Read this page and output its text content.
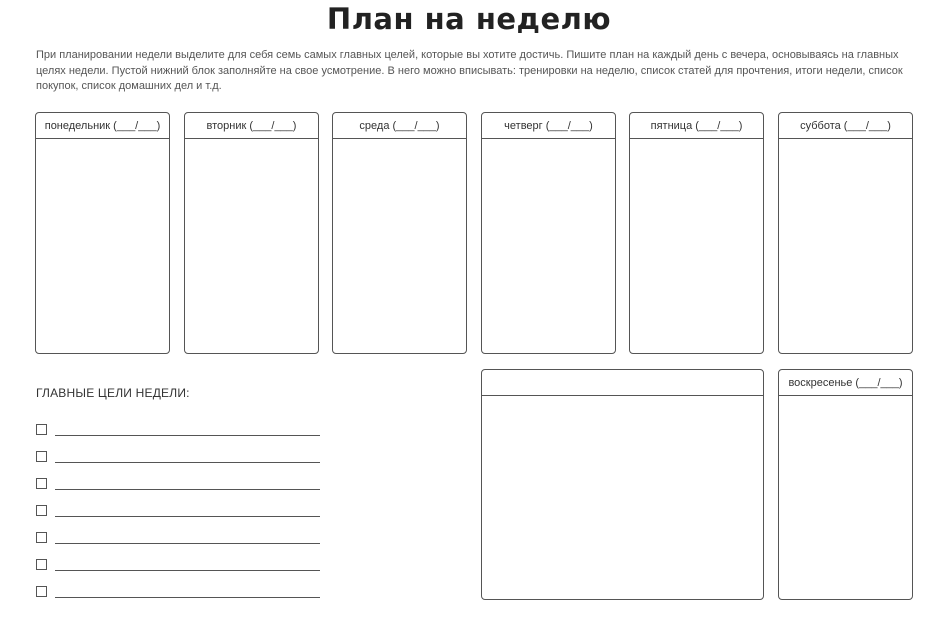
План на неделю
При планировании недели выделите для себя семь самых главных целей, которые вы хотите достичь. Пишите план на каждый день с вечера, основываясь на главных целях недели. Пустой нижний блок заполняйте на свое усмотрение. В него можно вписывать: тренировки на неделю, список статей для прочтения, итоги недели, список покупок, список домашних дел и т.д.
понедельник (___/___)	вторник (___/___)	среда (___/___)	четверг (___/___)	пятница (___/___)	суббота (___/___)
ГЛАВНЫЕ ЦЕЛИ НЕДЕЛИ:
воскресенье (___/___)
